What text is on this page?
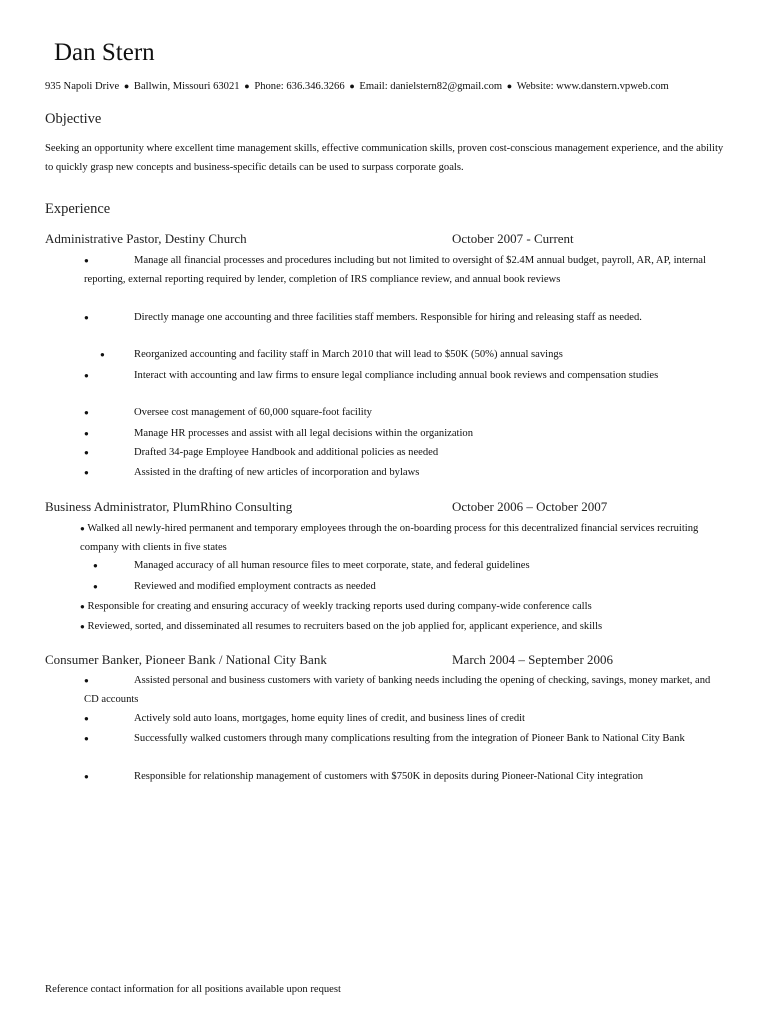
Dan Stern
935 Napoli Drive ● Ballwin, Missouri 63021 ● Phone: 636.346.3266 ● Email: danielstern82@gmail.com ● Website: www.danstern.vpweb.com
Objective
Seeking an opportunity where excellent time management skills, effective communication skills, proven cost-conscious management experience, and the ability to quickly grasp new concepts and business-specific details can be used to surpass corporate goals.
Experience
Administrative Pastor, Destiny Church	October 2007 - Current
●	Manage all financial processes and procedures including but not limited to oversight of $2.4M annual budget, payroll, AR, AP, internal reporting, external reporting required by lender, completion of IRS compliance review, and annual book reviews
●	Directly manage one accounting and three facilities staff members. Responsible for hiring and releasing staff as needed.
●	Reorganized accounting and facility staff in March 2010 that will lead to $50K (50%) annual savings
●	Interact with accounting and law firms to ensure legal compliance including annual book reviews and compensation studies
●	Oversee cost management of 60,000 square-foot facility
●	Manage HR processes and assist with all legal decisions within the organization
●	Drafted 34-page Employee Handbook and additional policies as needed
●	Assisted in the drafting of new articles of incorporation and bylaws
Business Administrator, PlumRhino Consulting	October 2006 – October 2007
● Walked all newly-hired permanent and temporary employees through the on-boarding process for this decentralized financial services recruiting company with clients in five states
●	Managed accuracy of all human resource files to meet corporate, state, and federal guidelines
●	Reviewed and modified employment contracts as needed
● Responsible for creating and ensuring accuracy of weekly tracking reports used during company-wide conference calls
● Reviewed, sorted, and disseminated all resumes to recruiters based on the job applied for, applicant experience, and skills
Consumer Banker, Pioneer Bank / National City Bank	March 2004 – September 2006
●	Assisted personal and business customers with variety of banking needs including the opening of checking, savings, money market, and CD accounts
●	Actively sold auto loans, mortgages, home equity lines of credit, and business lines of credit
●	Successfully walked customers through many complications resulting from the integration of Pioneer Bank to National City Bank
●	Responsible for relationship management of customers with $750K in deposits during Pioneer-National City integration
Reference contact information for all positions available upon request
